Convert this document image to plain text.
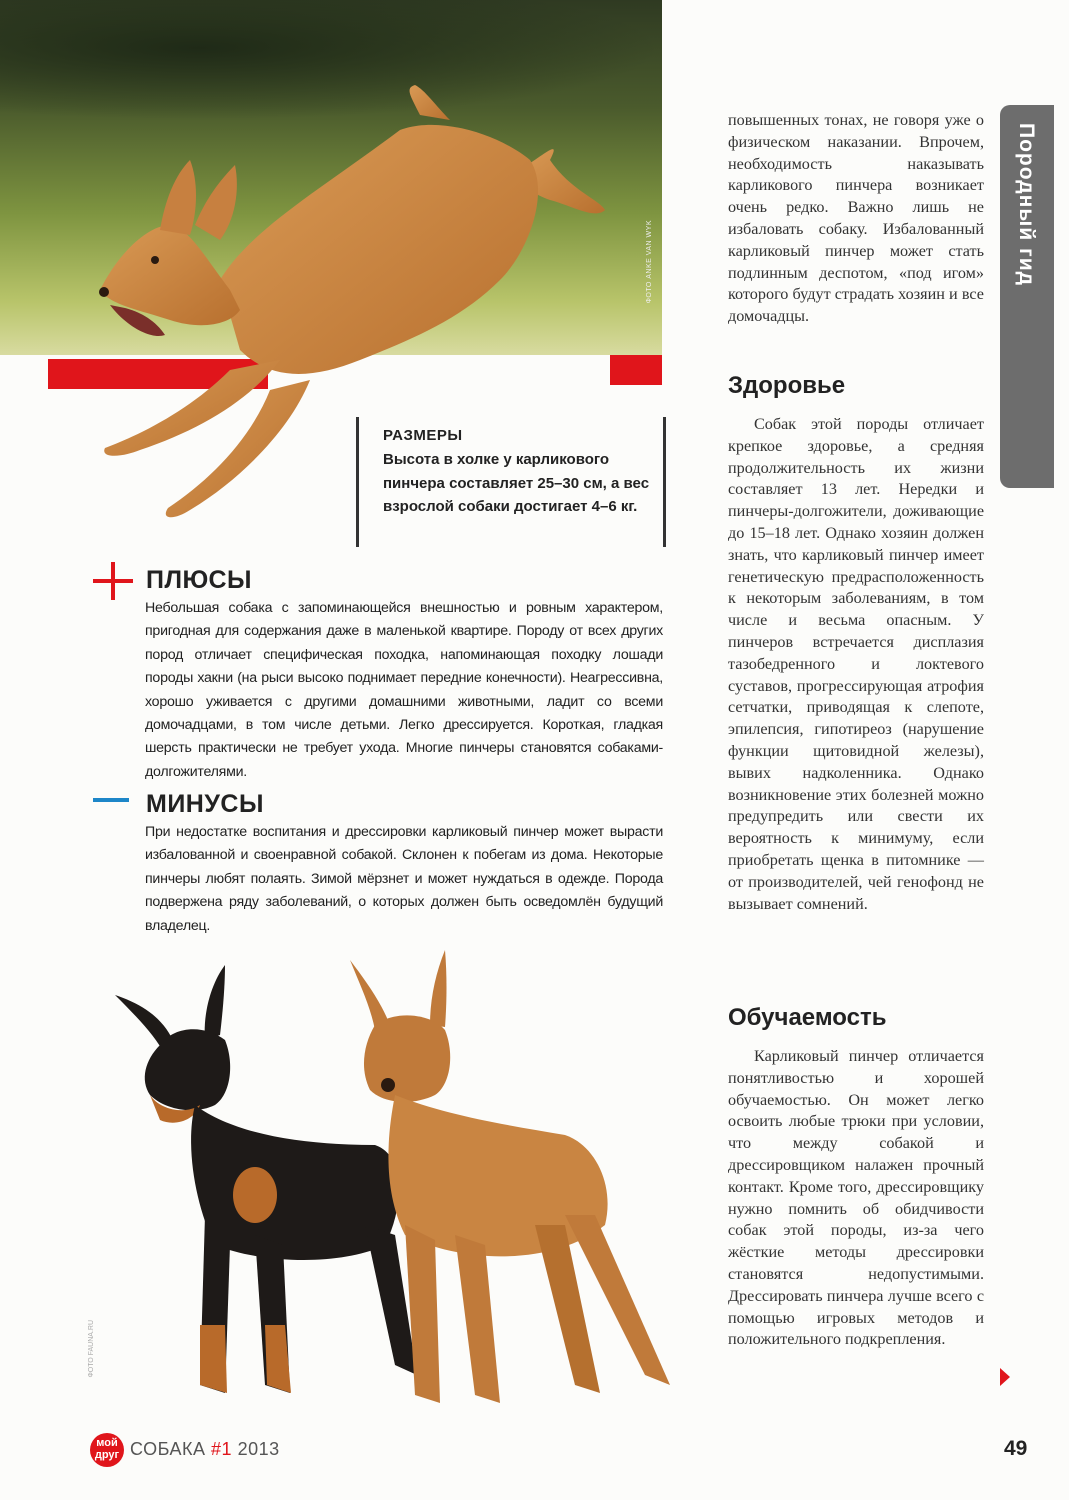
ФОТО ANKE VAN WYK
РАЗМЕРЫ
Высота в холке у карликового пинчера составляет 25–30 см, а вес взрослой собаки достигает 4–6 кг.
ПЛЮСЫ

Небольшая собака с запоминающейся внешностью и ровным характером, пригодная для содержания даже в маленькой квартире. Породу от всех других пород отличает специфическая походка, напоминающая походку лошади породы хакни (на рыси высоко поднимает передние конечности). Неагрессивна, хорошо уживается с другими домашними животными, ладит со всеми домочадцами, в том числе детьми. Легко дрессируется. Короткая, гладкая шерсть практически не требует ухода. Многие пинчеры становятся собаками-долгожителями.

МИНУСЫ

При недостатке воспитания и дрессировки карликовый пинчер может вырасти избалованной и своенравной собакой. Склонен к побегам из дома. Некоторые пинчеры любят полаять. Зимой мёрзнет и может нуждаться в одежде. Порода подвержена ряду заболеваний, о которых должен быть осведомлён будущий владелец.

повышенных тонах, не говоря уже о физическом наказании. Впрочем, необходимость наказывать карликового пинчера возникает очень редко. Важно лишь не избаловать собаку. Избалованный карликовый пинчер может стать подлинным деспотом, «под игом» которого будут страдать хозяин и все домочадцы.

Здоровье

Собак этой породы отличает крепкое здоровье, а средняя продолжительность их жизни составляет 13 лет. Нередки и пинчеры-долгожители, доживающие до 15–18 лет. Однако хозяин должен знать, что карликовый пинчер имеет генетическую предрасположенность к некоторым заболеваниям, в том числе и весьма опасным. У пинчеров встречается дисплазия тазобедренного и локтевого суставов, прогрессирующая атрофия сетчатки, приводящая к слепоте, эпилепсия, гипотиреоз (нарушение функции щитовидной железы), вывих надколенника. Однако возникновение этих болезней можно предупредить или свести их вероятность к минимуму, если приобретать щенка в питомнике — от производителей, чей генофонд не вызывает сомнений.

Обучаемость

Карликовый пинчер отличается понятливостью и хорошей обучаемостью. Он может легко освоить любые трюки при условии, что между собакой и дрессировщиком налажен прочный контакт. Кроме того, дрессировщику нужно помнить об обидчивости собак этой породы, из-за чего жёсткие методы дрессировки становятся недопустимыми. Дрессировать пинчера лучше всего с помощью игровых методов и положительного подкрепления.

Породный гид
ФОТО FAUNA.RU
мой друг СОБАКА #1 2013	49
